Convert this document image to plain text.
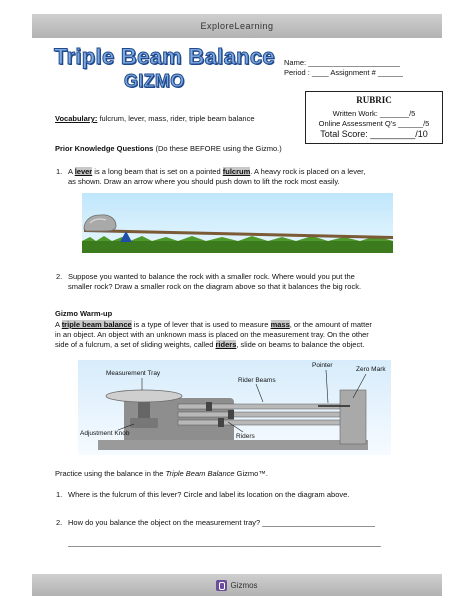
ExploreLearning
Triple Beam Balance
GIZMO
Name: ______________________
Period : ____ Assignment # ______
RUBRIC
Written Work: _______/5
Online Assessment Q's ______/5
Total Score: _________/10
Vocabulary: fulcrum, lever, mass, rider, triple beam balance
Prior Knowledge Questions (Do these BEFORE using the Gizmo.)
1. A lever is a long beam that is set on a pointed fulcrum. A heavy rock is placed on a lever,
as shown. Draw an arrow where you should push down to lift the rock most easily.
2. Suppose you wanted to balance the rock with a smaller rock. Where would you put the
smaller rock? Draw a smaller rock on the diagram above so that it balances the big rock.
Gizmo Warm-up
A triple beam balance is a type of lever that is used to measure mass, or the amount of matter
in an object. An object with an unknown mass is placed on the measurement tray. On the other
side of a fulcrum, a set of sliding weights, called riders, slide on beams to balance the object.
Measurement Tray
Rider Beams
Pointer
Zero Mark
Adjustment Knob	Riders
Practice using the balance in the Triple Beam Balance Gizmo™.
1. Where is the fulcrum of this lever? Circle and label its location on the diagram above.
2. How do you balance the object on the measurement tray? ___________________________
___________________________________________________________________________
Gizmos
